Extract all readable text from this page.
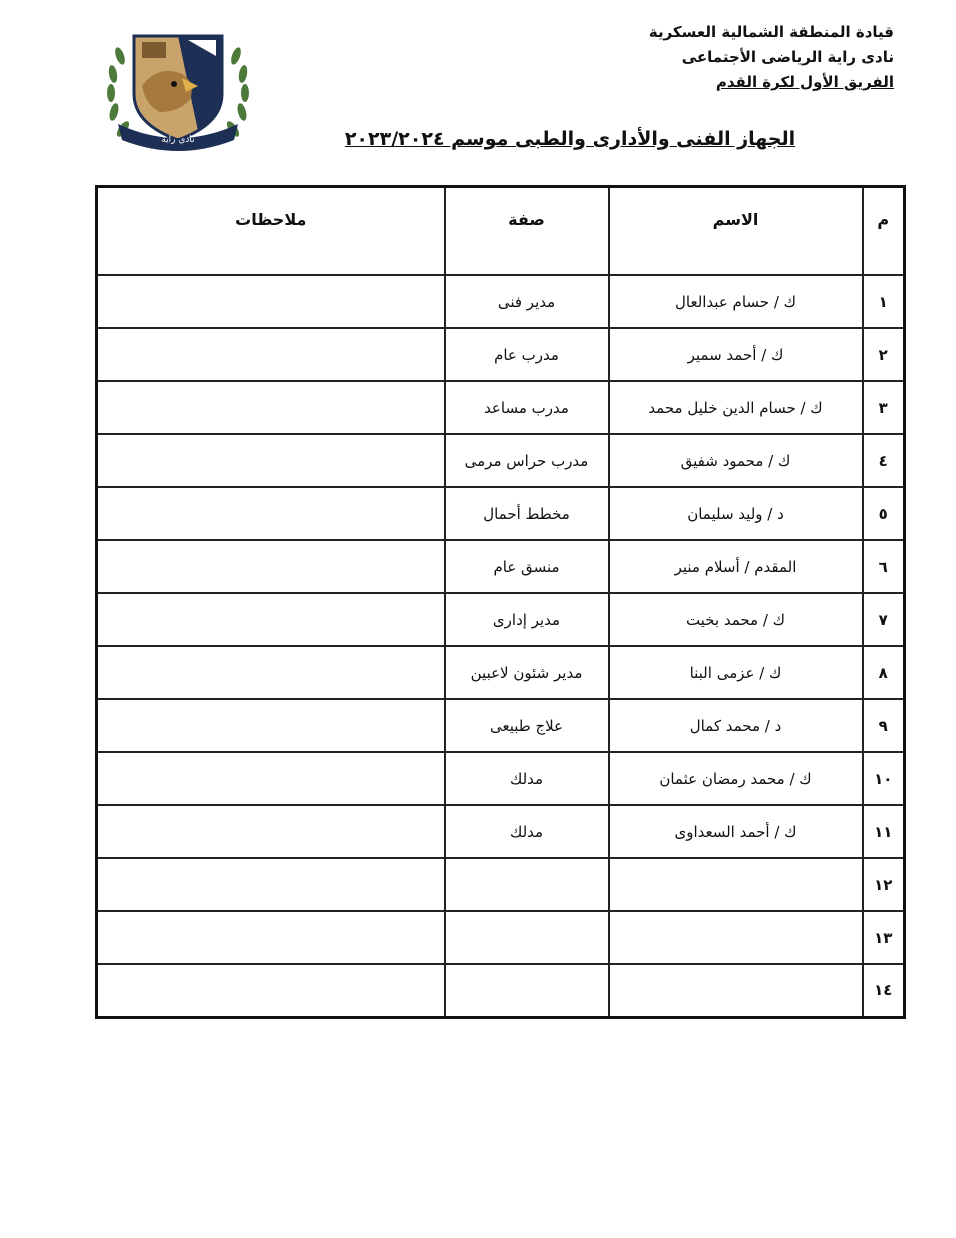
قيادة المنطقة الشمالية العسكرية
نادى راية الرياضى الأجتماعى
الفريق الأول لكرة القدم
نادي راية	الجهاز الفنى والأدارى والطبى موسم ٢٠٢٣/٢٠٢٤
م	الاسم	صفة	ملاحظات
١	ك / حسام عبدالعال	مدير فنى	
٢	ك / أحمد سمير	مدرب عام	
٣	ك / حسام الدين خليل محمد	مدرب مساعد	
٤	ك / محمود شفيق	مدرب حراس مرمى	
٥	د / وليد سليمان	مخطط أحمال	
٦	المقدم / أسلام منير	منسق عام	
٧	ك / محمد بخيت	مدير إدارى	
٨	ك / عزمى البنا	مدير شئون لاعبين	
٩	د / محمد كمال	علاج طبيعى	
١٠	ك / محمد رمضان عثمان	مدلك	
١١	ك / أحمد السعداوى	مدلك	
١٢			
١٣			
١٤			
